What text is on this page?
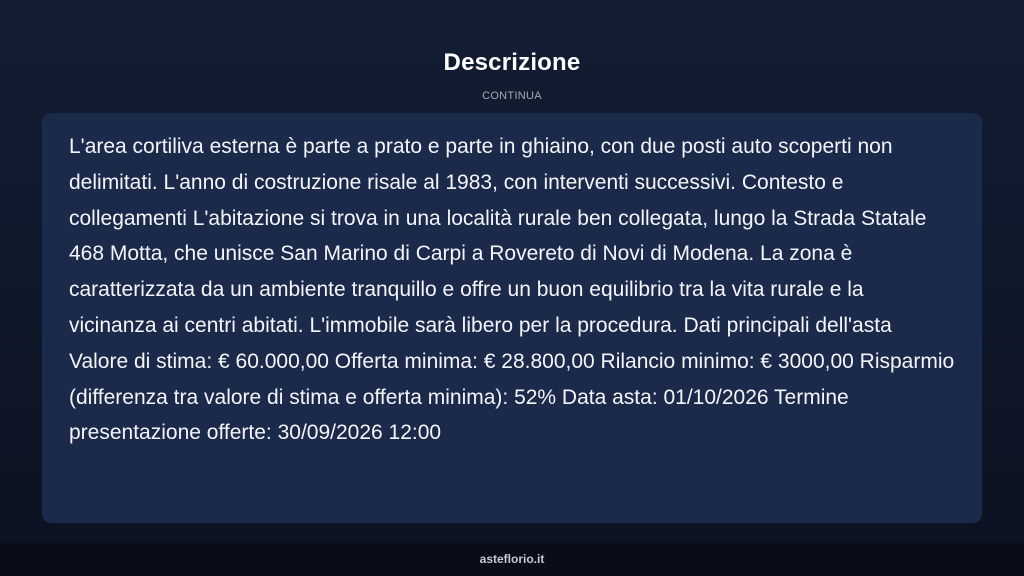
Descrizione
CONTINUA

L'area cortiliva esterna è parte a prato e parte in ghiaino, con due posti auto scoperti non delimitati. L'anno di costruzione risale al 1983, con interventi successivi. Contesto e collegamenti L'abitazione si trova in una località rurale ben collegata, lungo la Strada Statale 468 Motta, che unisce San Marino di Carpi a Rovereto di Novi di Modena. La zona è caratterizzata da un ambiente tranquillo e offre un buon equilibrio tra la vita rurale e la vicinanza ai centri abitati. L'immobile sarà libero per la procedura. Dati principali dell'asta Valore di stima: € 60.000,00 Offerta minima: € 28.800,00 Rilancio minimo: € 3000,00 Risparmio (differenza tra valore di stima e offerta minima): 52% Data asta: 01/10/2026 Termine presentazione offerte: 30/09/2026 12:00

asteflorio.it
